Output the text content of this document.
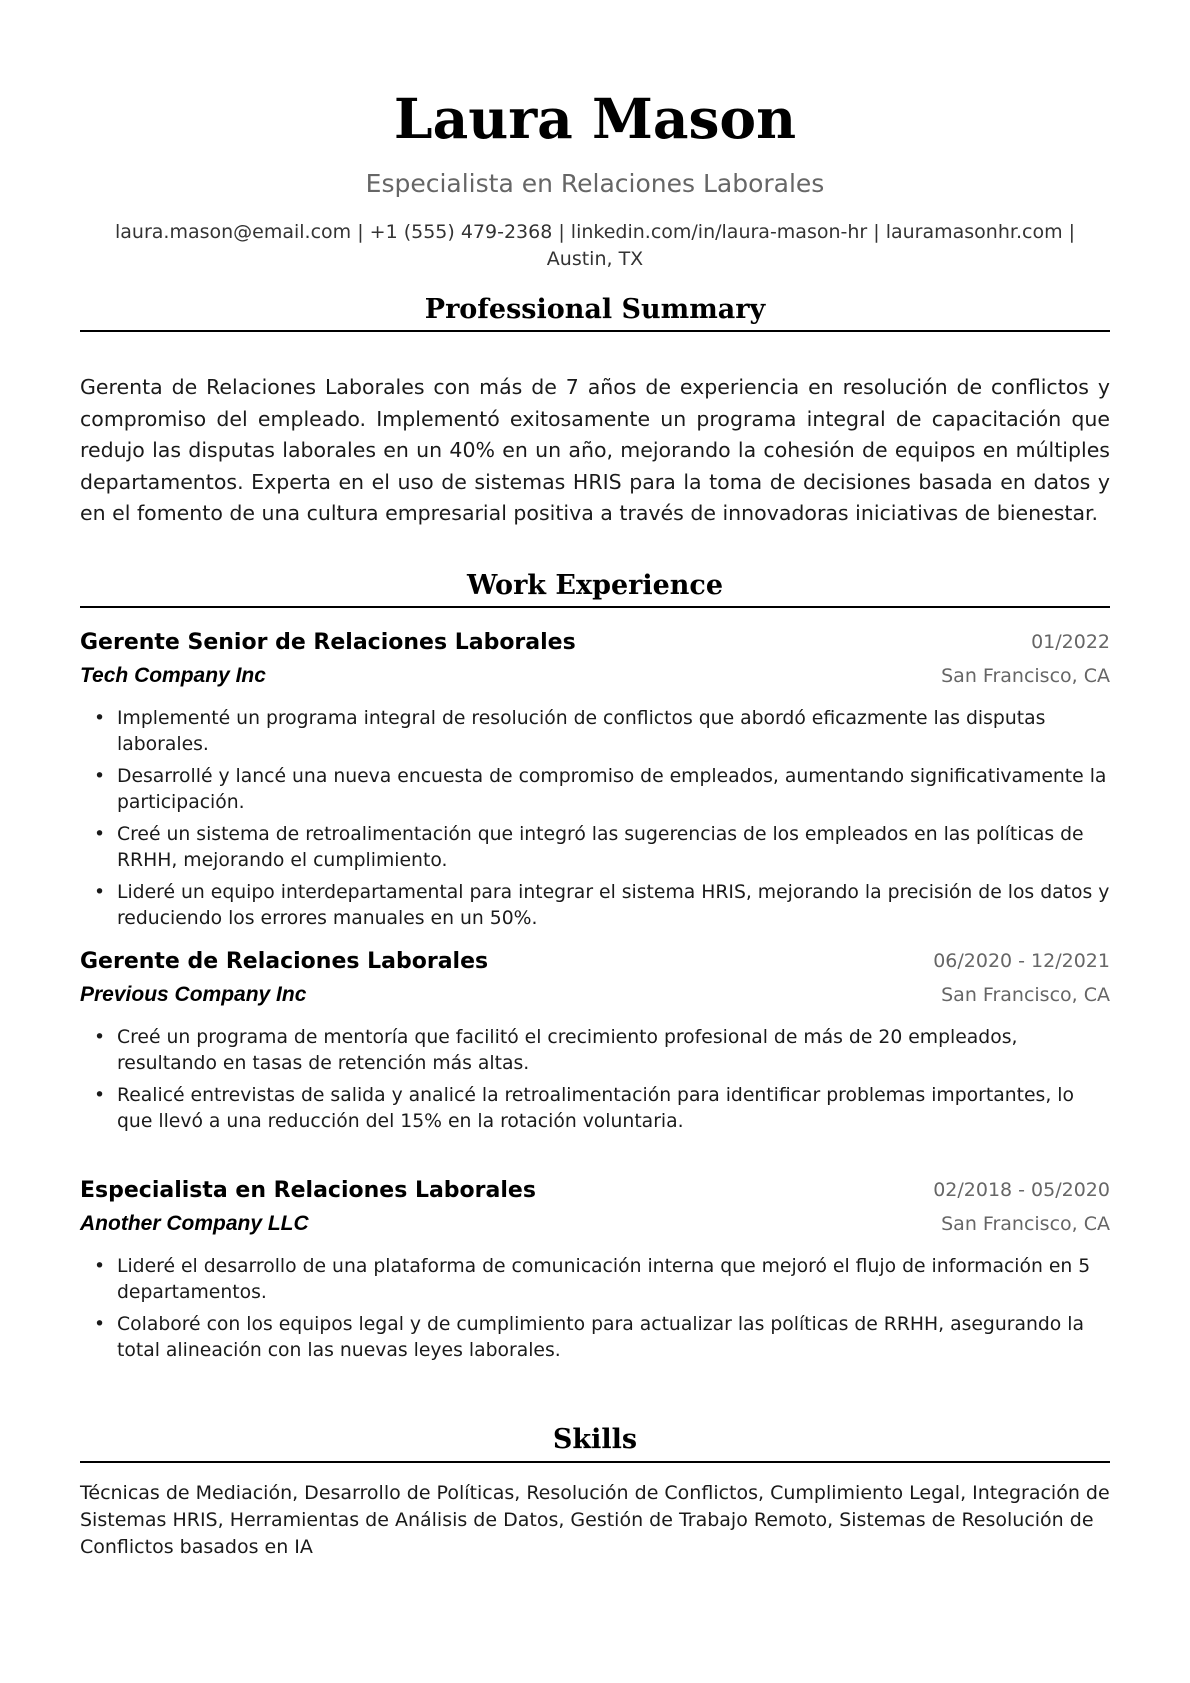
Laura Mason
Especialista en Relaciones Laborales
laura.mason@email.com | +1 (555) 479-2368 | linkedin.com/in/laura-mason-hr | lauramasonhr.com | Austin, TX
Professional Summary

Gerenta de Relaciones Laborales con más de 7 años de experiencia en resolución de conflictos y compromiso del empleado. Implementó exitosamente un programa integral de capacitación que redujo las disputas laborales en un 40% en un año, mejorando la cohesión de equipos en múltiples departamentos. Experta en el uso de sistemas HRIS para la toma de decisiones basada en datos y en el fomento de una cultura empresarial positiva a través de innovadoras iniciativas de bienestar.

Work Experience
Gerente Senior de Relaciones Laborales	01/2022
Tech Company Inc	San Francisco, CA
• Implementé un programa integral de resolución de conflictos que abordó eficazmente las disputas laborales.
• Desarrollé y lancé una nueva encuesta de compromiso de empleados, aumentando significativamente la participación.
• Creé un sistema de retroalimentación que integró las sugerencias de los empleados en las políticas de RRHH, mejorando el cumplimiento.
• Lideré un equipo interdepartamental para integrar el sistema HRIS, mejorando la precisión de los datos y reduciendo los errores manuales en un 50%.
Gerente de Relaciones Laborales	06/2020 - 12/2021
Previous Company Inc	San Francisco, CA
• Creé un programa de mentoría que facilitó el crecimiento profesional de más de 20 empleados, resultando en tasas de retención más altas.
• Realicé entrevistas de salida y analicé la retroalimentación para identificar problemas importantes, lo que llevó a una reducción del 15% en la rotación voluntaria.
Especialista en Relaciones Laborales	02/2018 - 05/2020
Another Company LLC	San Francisco, CA
• Lideré el desarrollo de una plataforma de comunicación interna que mejoró el flujo de información en 5 departamentos.
• Colaboré con los equipos legal y de cumplimiento para actualizar las políticas de RRHH, asegurando la total alineación con las nuevas leyes laborales.
Skills

Técnicas de Mediación, Desarrollo de Políticas, Resolución de Conflictos, Cumplimiento Legal, Integración de Sistemas HRIS, Herramientas de Análisis de Datos, Gestión de Trabajo Remoto, Sistemas de Resolución de Conflictos basados en IA
